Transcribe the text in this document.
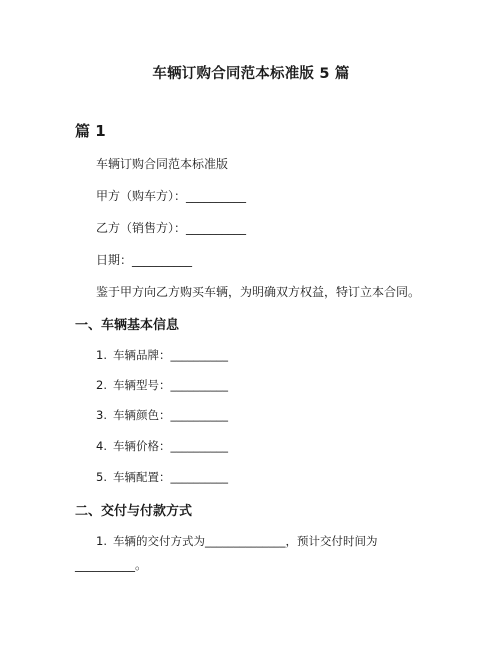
车辆订购合同范本标准版 5 篇
篇 1
车辆订购合同范本标准版
甲方（购车方）：__________
乙方（销售方）：__________
日期：__________
鉴于甲方向乙方购买车辆，为明确双方权益，特订立本合同。
一、车辆基本信息
1. 车辆品牌：__________
2. 车辆型号：__________
3. 车辆颜色：__________
4. 车辆价格：__________
5. 车辆配置：__________
二、交付与付款方式
1. 车辆的交付方式为______________，预计交付时间为
__________。
